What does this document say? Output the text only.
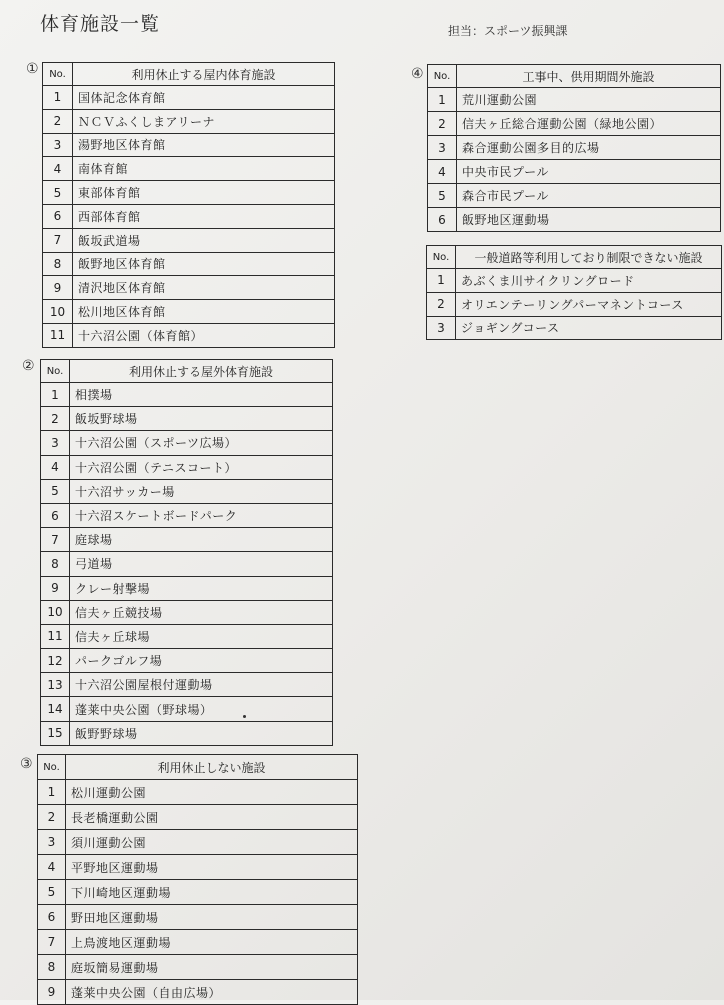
体育施設一覧	担当：スポーツ振興課
① No.	利用休止する屋内体育施設
1	国体記念体育館
2	ＮＣＶふくしまアリーナ
3	湯野地区体育館
4	南体育館
5	東部体育館
6	西部体育館
7	飯坂武道場
8	飯野地区体育館
9	清沢地区体育館
10	松川地区体育館
11	十六沼公園（体育館）
② No.	利用休止する屋外体育施設
1	相撲場
2	飯坂野球場
3	十六沼公園（スポーツ広場）
4	十六沼公園（テニスコート）
5	十六沼サッカー場
6	十六沼スケートボードパーク
7	庭球場
8	弓道場
9	クレー射撃場
10	信夫ヶ丘競技場
11	信夫ヶ丘球場
12	パークゴルフ場
13	十六沼公園屋根付運動場
14	蓬莱中央公園（野球場）
15	飯野野球場
③ No.	利用休止しない施設
1	松川運動公園
2	長老橋運動公園
3	須川運動公園
4	平野地区運動場
5	下川崎地区運動場
6	野田地区運動場
7	上鳥渡地区運動場
8	庭坂簡易運動場
9	蓬莱中央公園（自由広場）
④ No.	工事中、供用期間外施設
1	荒川運動公園
2	信夫ヶ丘総合運動公園（緑地公園）
3	森合運動公園多目的広場
4	中央市民プール
5	森合市民プール
6	飯野地区運動場
No.	一般道路等利用しており制限できない施設
1	あぶくま川サイクリングロード
2	オリエンテーリングパーマネントコース
3	ジョギングコース
